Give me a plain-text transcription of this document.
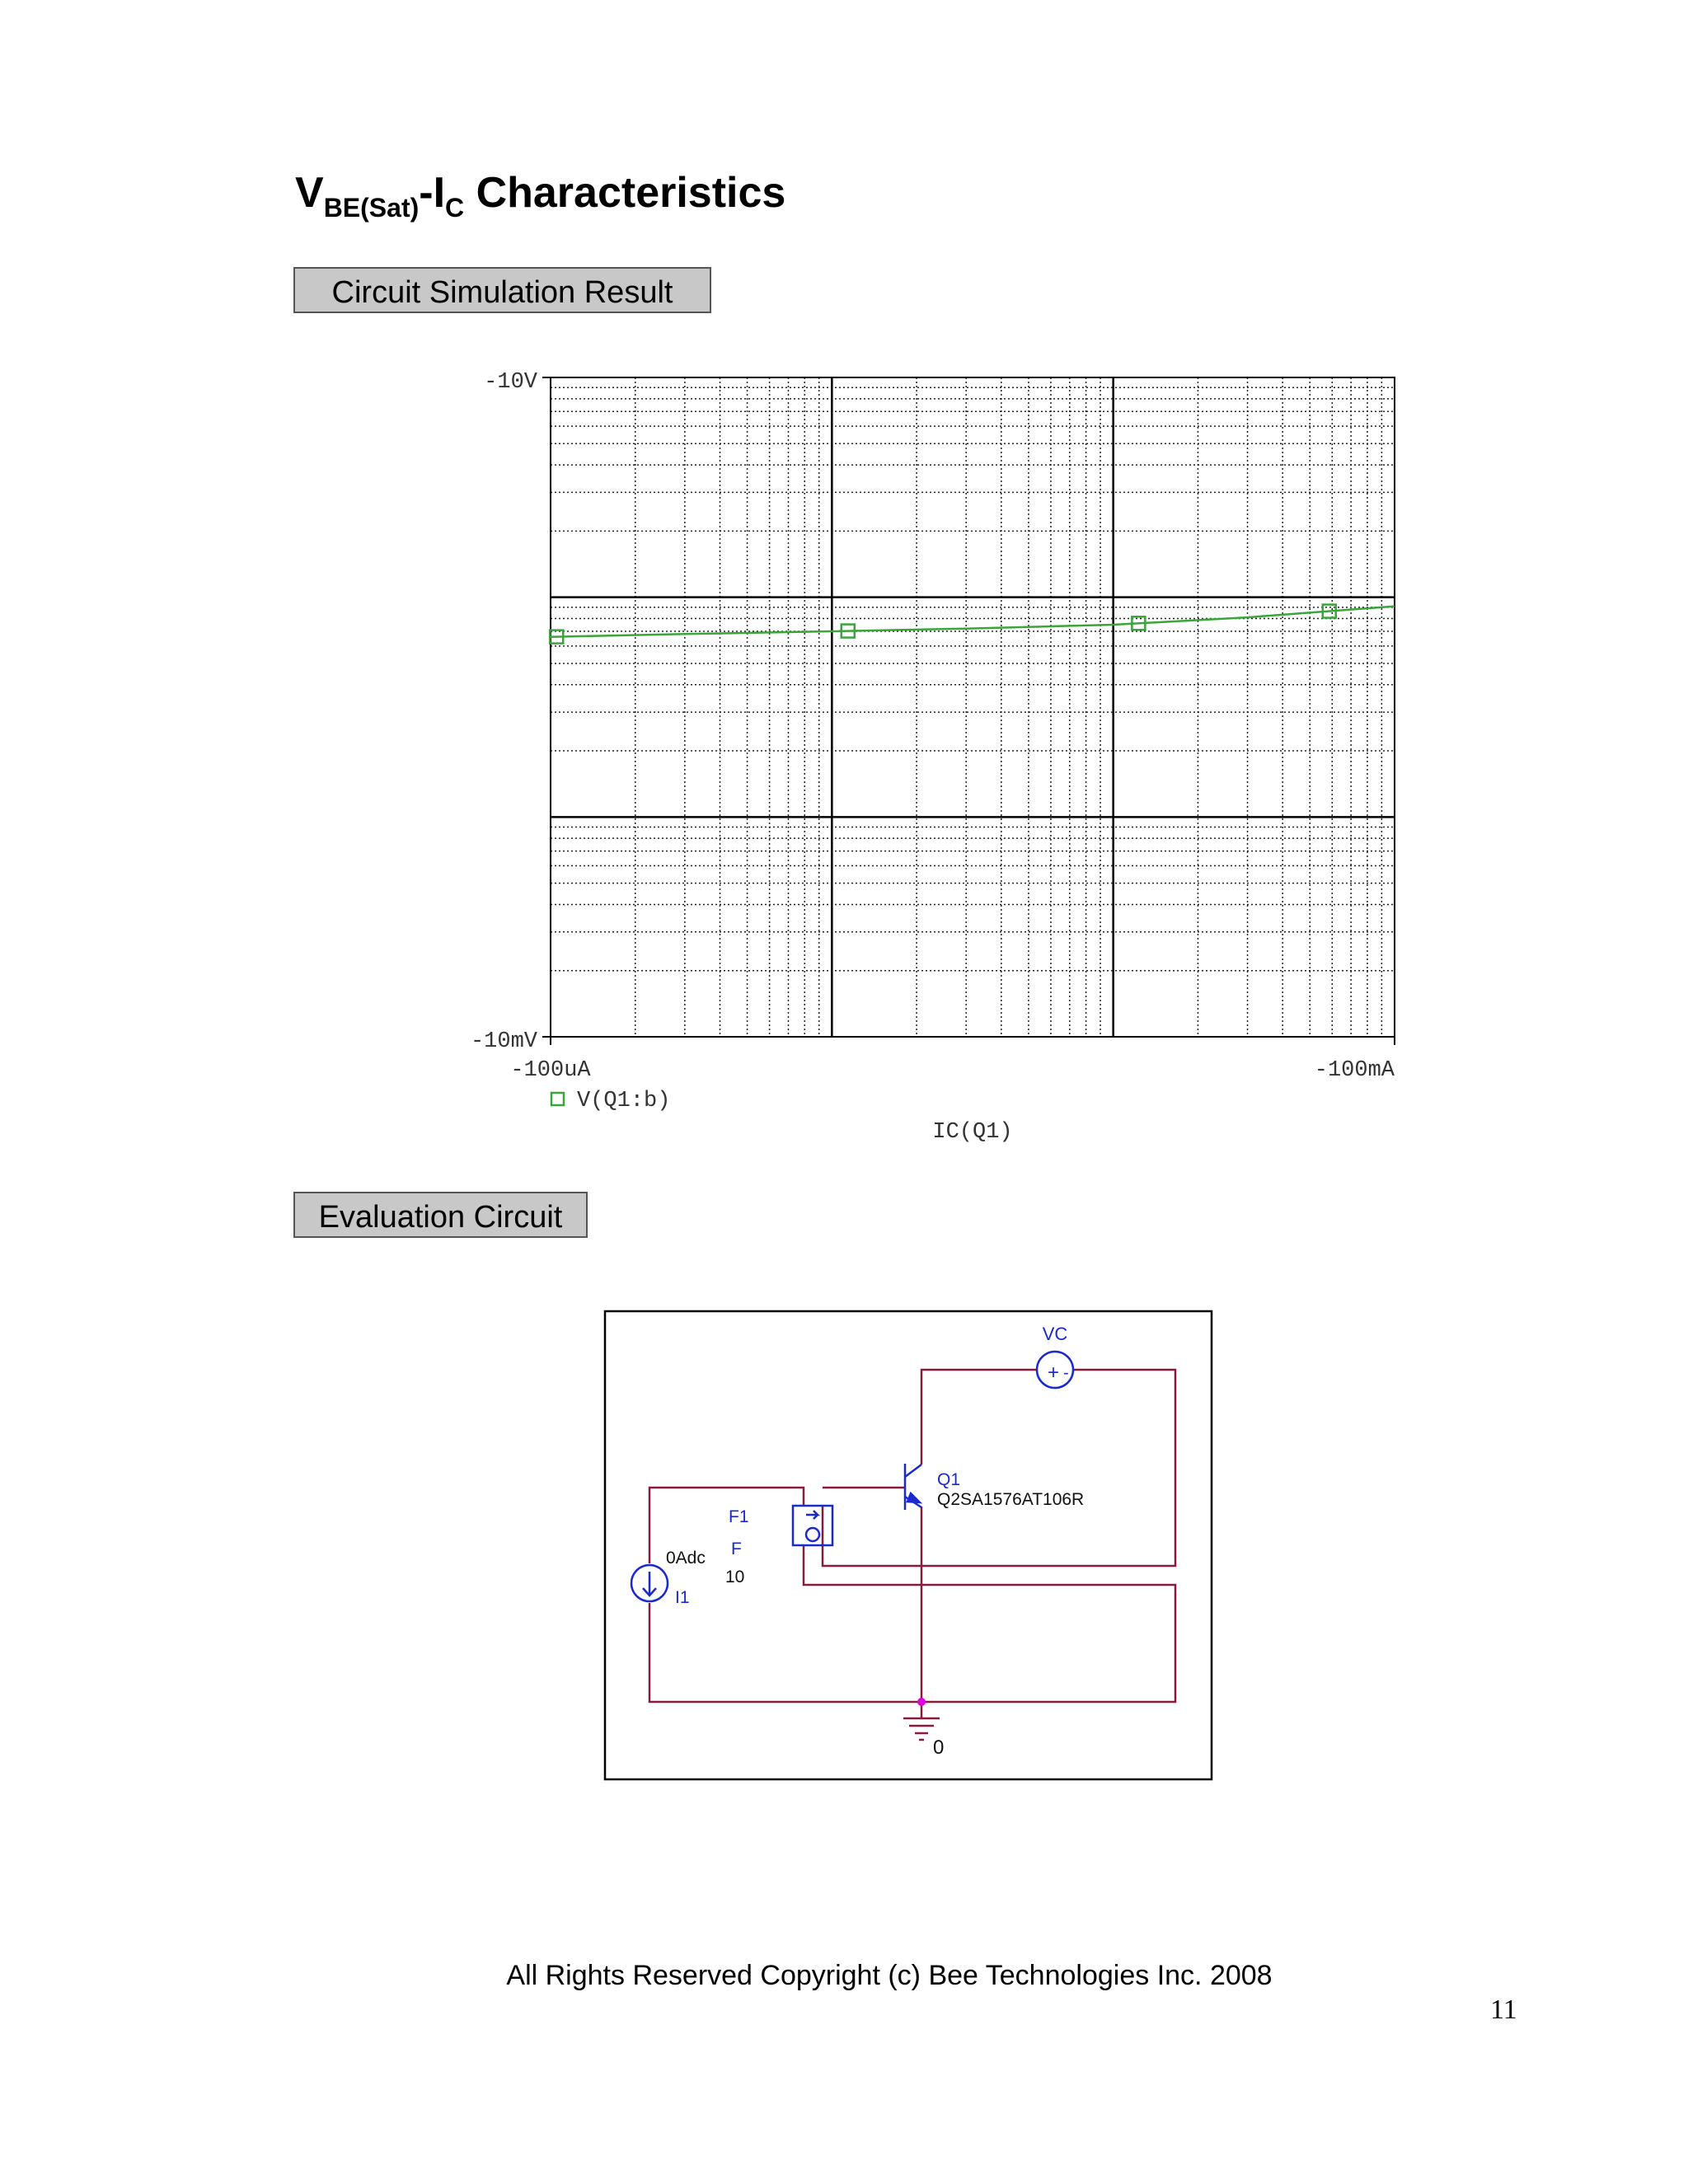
$V_{BE(Sat)}-I_C$ Characteristics
Circuit Simulation Result
Evaluation Circuit
-10V
-10mV
-100uA	-100mA
V(Q1:b)
IC(Q1)
+ -
VC
Q1
Q2SA1576AT106R
F1
F
10
0Adc
I1
0
All Rights Reserved Copyright (c) Bee Technologies Inc. 2008
11
